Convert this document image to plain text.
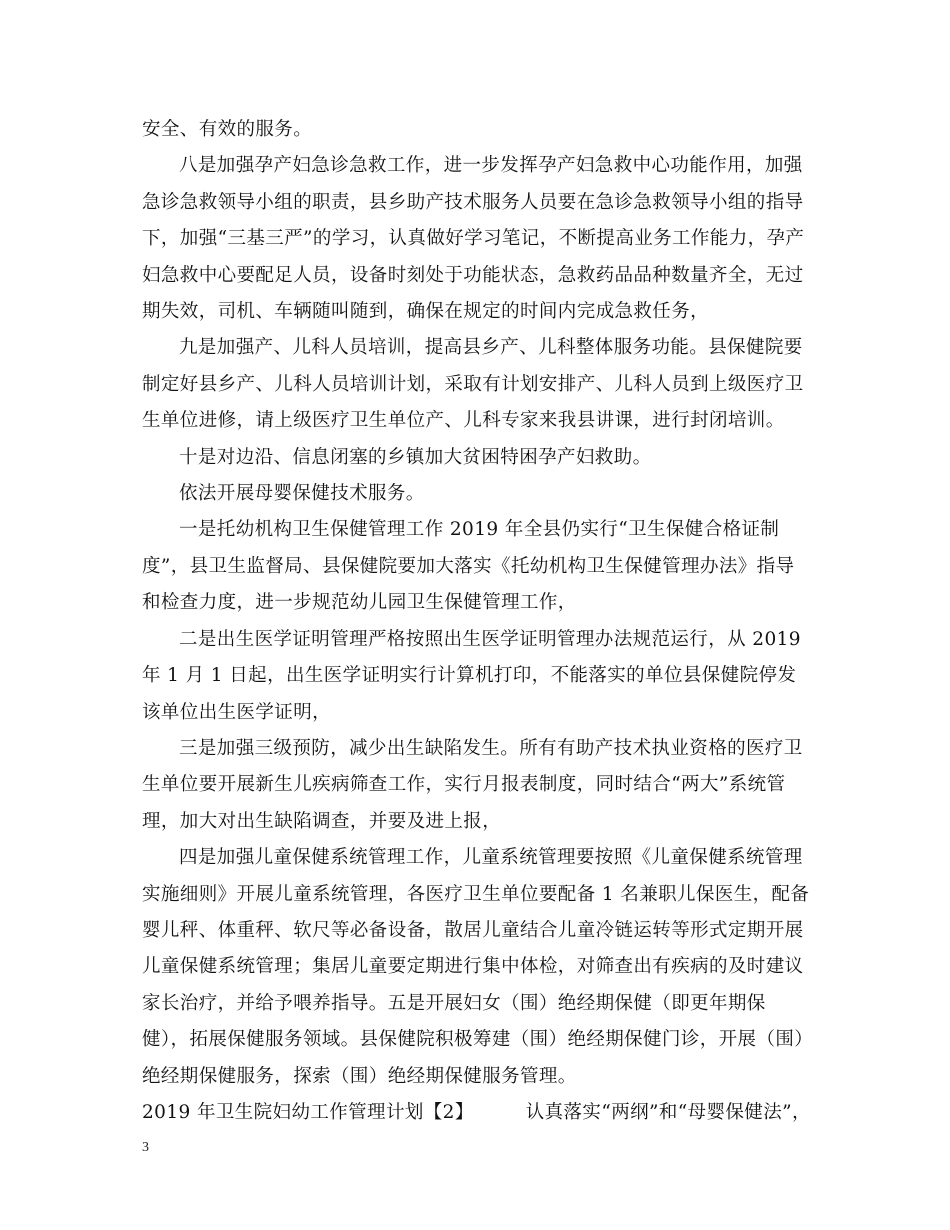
安全、有效的服务。

八是加强孕产妇急诊急救工作，进一步发挥孕产妇急救中心功能作用，加强急诊急救领导小组的职责，县乡助产技术服务人员要在急诊急救领导小组的指导下，加强“三基三严”的学习，认真做好学习笔记，不断提高业务工作能力，孕产妇急救中心要配足人员，设备时刻处于功能状态，急救药品品种数量齐全，无过期失效，司机、车辆随叫随到，确保在规定的时间内完成急救任务，

九是加强产、儿科人员培训，提高县乡产、儿科整体服务功能。县保健院要制定好县乡产、儿科人员培训计划，采取有计划安排产、儿科人员到上级医疗卫生单位进修，请上级医疗卫生单位产、儿科专家来我县讲课，进行封闭培训。

十是对边沿、信息闭塞的乡镇加大贫困特困孕产妇救助。

依法开展母婴保健技术服务。

一是托幼机构卫生保健管理工作 2019 年全县仍实行“卫生保健合格证制度”，县卫生监督局、县保健院要加大落实《托幼机构卫生保健管理办法》指导和检查力度，进一步规范幼儿园卫生保健管理工作，

二是出生医学证明管理严格按照出生医学证明管理办法规范运行，从 2019 年 1 月 1 日起，出生医学证明实行计算机打印，不能落实的单位县保健院停发该单位出生医学证明，

三是加强三级预防，减少出生缺陷发生。所有有助产技术执业资格的医疗卫生单位要开展新生儿疾病筛查工作，实行月报表制度，同时结合“两大”系统管理，加大对出生缺陷调查，并要及进上报，

四是加强儿童保健系统管理工作，儿童系统管理要按照《儿童保健系统管理实施细则》开展儿童系统管理，各医疗卫生单位要配备 1 名兼职儿保医生，配备婴儿秤、体重秤、软尺等必备设备，散居儿童结合儿童冷链运转等形式定期开展儿童保健系统管理；集居儿童要定期进行集中体检，对筛查出有疾病的及时建议家长治疗，并给予喂养指导。五是开展妇女（围）绝经期保健（即更年期保健），拓展保健服务领域。县保健院积极筹建（围）绝经期保健门诊，开展（围）绝经期保健服务，探索（围）绝经期保健服务管理。

2019 年卫生院妇幼工作管理计划【2】	认真落实“两纲”和“母婴保健法”，

3
